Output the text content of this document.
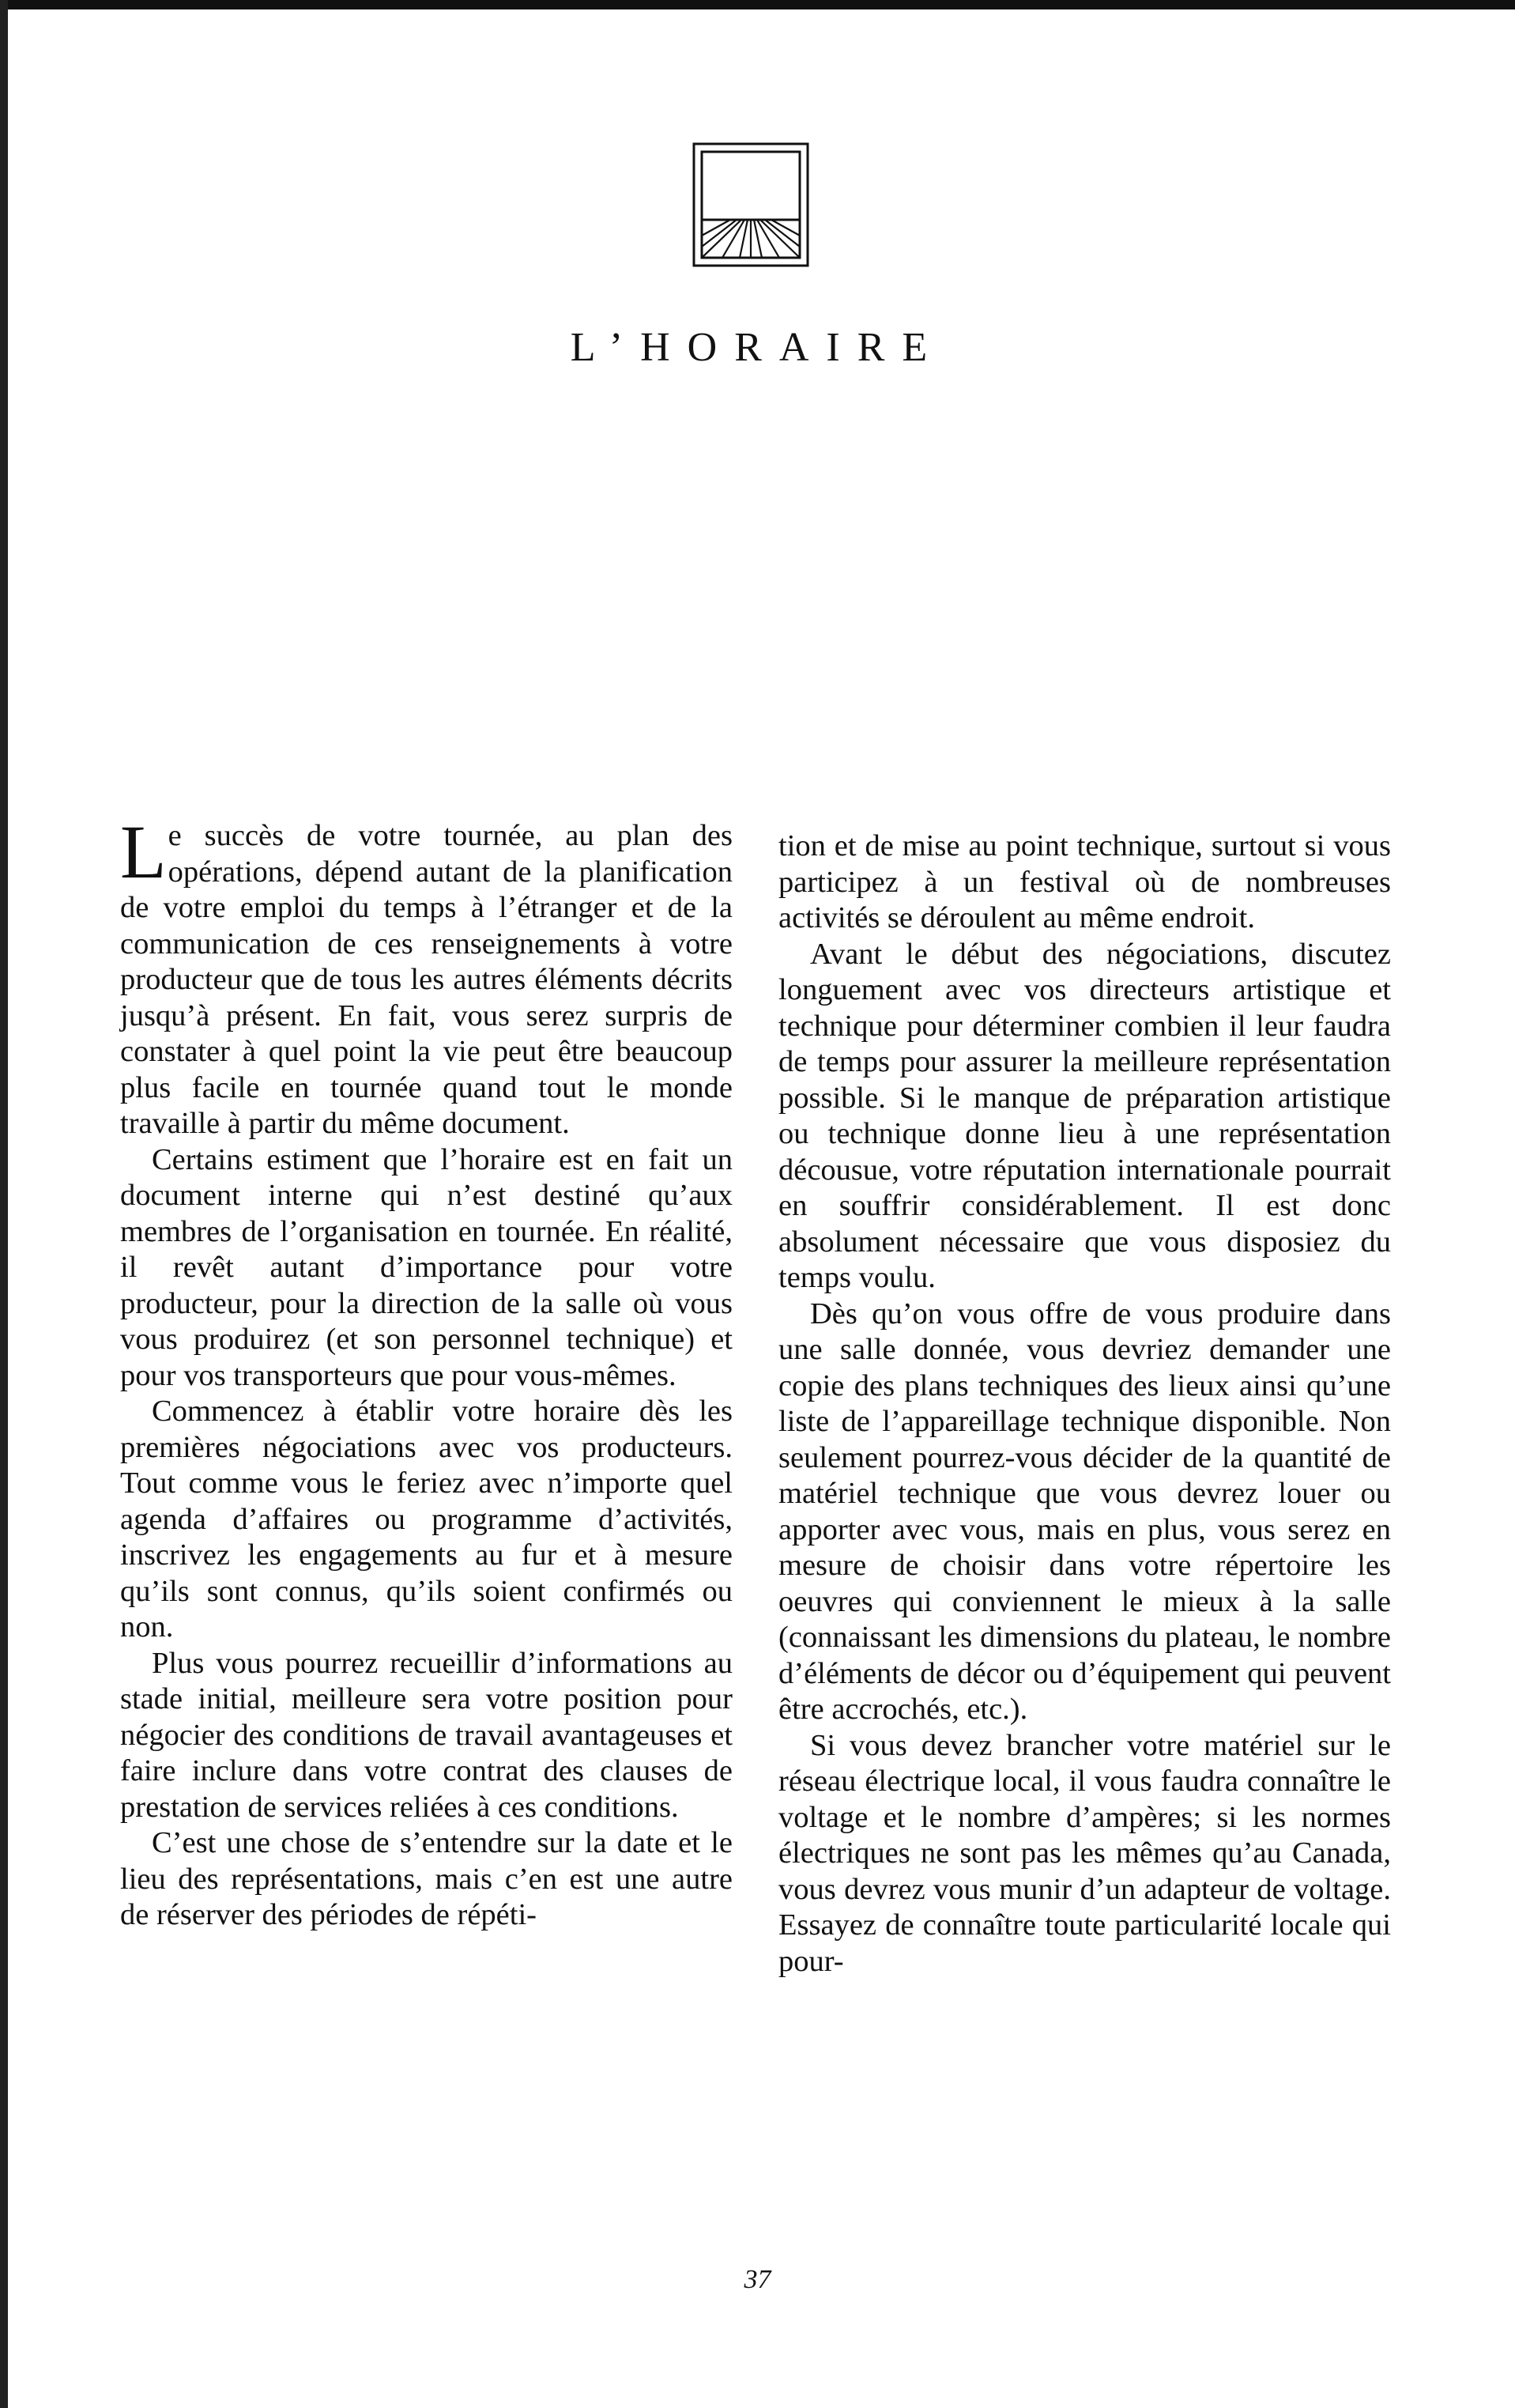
L’HORAIRE

Le succès de votre tournée, au plan des opérations, dépend autant de la planification de votre emploi du temps à l’étranger et de la communication de ces renseignements à votre producteur que de tous les autres éléments décrits jusqu’à présent. En fait, vous serez surpris de constater à quel point la vie peut être beaucoup plus facile en tournée quand tout le monde travaille à partir du même document.

Certains estiment que l’horaire est en fait un document interne qui n’est destiné qu’aux membres de l’organisation en tournée. En réalité, il revêt autant d’importance pour votre producteur, pour la direction de la salle où vous vous produirez (et son personnel technique) et pour vos transporteurs que pour vous-mêmes.

Commencez à établir votre horaire dès les premières négociations avec vos producteurs. Tout comme vous le feriez avec n’importe quel agenda d’affaires ou programme d’activités, inscrivez les engagements au fur et à mesure qu’ils sont connus, qu’ils soient confirmés ou non.

Plus vous pourrez recueillir d’informations au stade initial, meilleure sera votre position pour négocier des conditions de travail avantageuses et faire inclure dans votre contrat des clauses de prestation de services reliées à ces conditions.

C’est une chose de s’entendre sur la date et le lieu des représentations, mais c’en est une autre de réserver des périodes de répéti-

tion et de mise au point technique, surtout si vous participez à un festival où de nombreuses activités se déroulent au même endroit.

Avant le début des négociations, discutez longuement avec vos directeurs artistique et technique pour déterminer combien il leur faudra de temps pour assurer la meilleure représentation possible. Si le manque de préparation artistique ou technique donne lieu à une représentation décousue, votre réputation internationale pourrait en souffrir considérablement. Il est donc absolument nécessaire que vous disposiez du temps voulu.

Dès qu’on vous offre de vous produire dans une salle donnée, vous devriez demander une copie des plans techniques des lieux ainsi qu’une liste de l’appareillage technique disponible. Non seulement pourrez-vous décider de la quantité de matériel technique que vous devrez louer ou apporter avec vous, mais en plus, vous serez en mesure de choisir dans votre répertoire les oeuvres qui conviennent le mieux à la salle (connaissant les dimensions du plateau, le nombre d’éléments de décor ou d’équipement qui peuvent être accrochés, etc.).

Si vous devez brancher votre matériel sur le réseau électrique local, il vous faudra connaître le voltage et le nombre d’ampères; si les normes électriques ne sont pas les mêmes qu’au Canada, vous devrez vous munir d’un adapteur de voltage. Essayez de connaître toute particularité locale qui pour-

37
